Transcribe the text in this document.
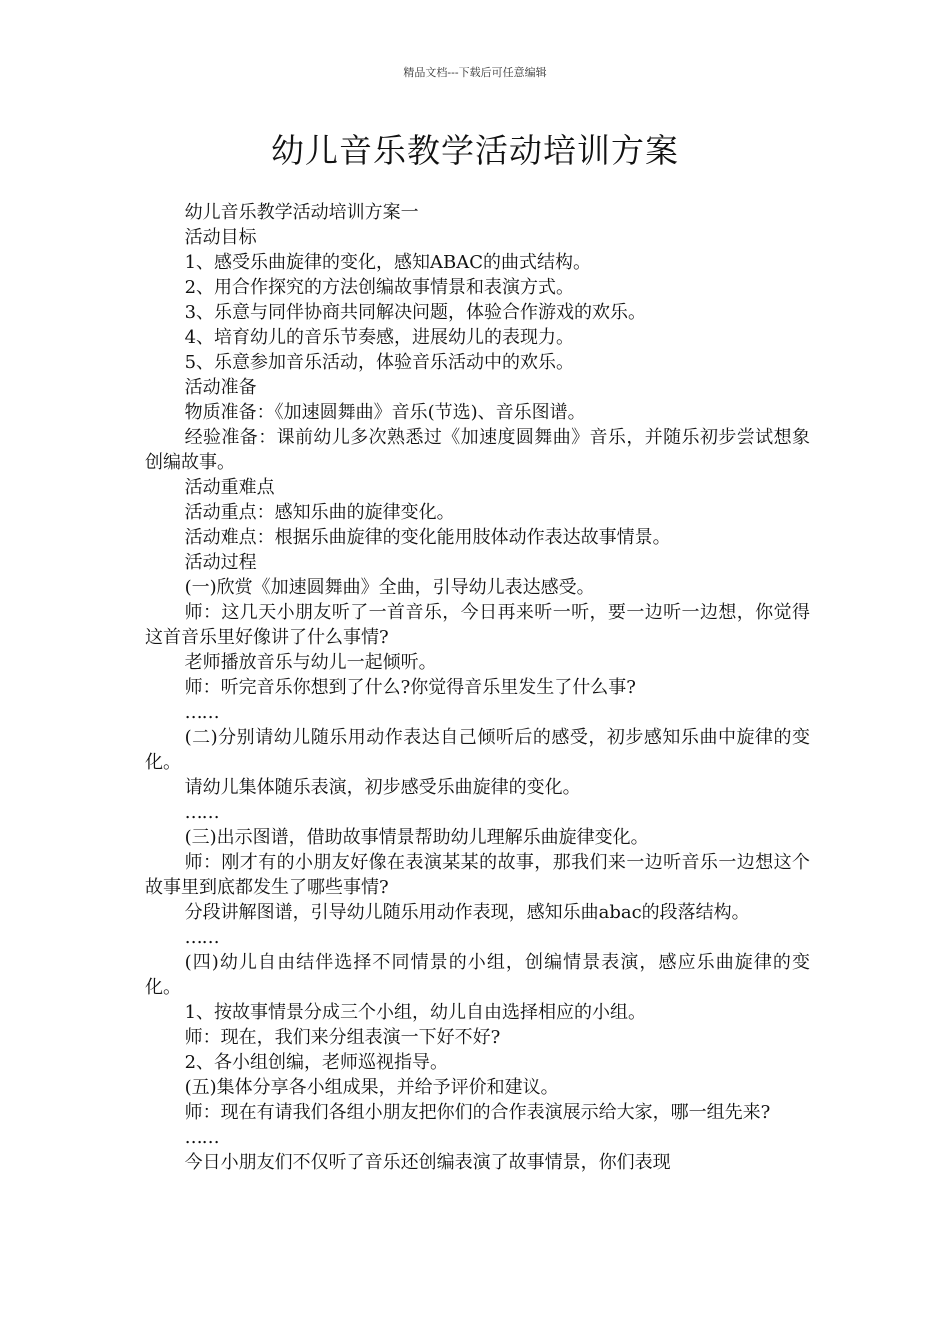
精品文档---下载后可任意编辑
幼儿音乐教学活动培训方案

幼儿音乐教学活动培训方案一

活动目标

1、感受乐曲旋律的变化，感知ABAC的曲式结构。

2、用合作探究的方法创编故事情景和表演方式。

3、乐意与同伴协商共同解决问题，体验合作游戏的欢乐。

4、培育幼儿的音乐节奏感，进展幼儿的表现力。

5、乐意参加音乐活动，体验音乐活动中的欢乐。

活动准备

物质准备：《加速圆舞曲》音乐(节选)、音乐图谱。

经验准备：课前幼儿多次熟悉过《加速度圆舞曲》音乐，并随乐初步尝试想象创编故事。

活动重难点

活动重点：感知乐曲的旋律变化。

活动难点：根据乐曲旋律的变化能用肢体动作表达故事情景。

活动过程

(一)欣赏《加速圆舞曲》全曲，引导幼儿表达感受。

师：这几天小朋友听了一首音乐，今日再来听一听，要一边听一边想，你觉得这首音乐里好像讲了什么事情?

老师播放音乐与幼儿一起倾听。

师：听完音乐你想到了什么?你觉得音乐里发生了什么事?

……

(二)分别请幼儿随乐用动作表达自己倾听后的感受，初步感知乐曲中旋律的变化。

请幼儿集体随乐表演，初步感受乐曲旋律的变化。

……

(三)出示图谱，借助故事情景帮助幼儿理解乐曲旋律变化。

师：刚才有的小朋友好像在表演某某的故事，那我们来一边听音乐一边想这个故事里到底都发生了哪些事情?

分段讲解图谱，引导幼儿随乐用动作表现，感知乐曲abac的段落结构。

……

(四)幼儿自由结伴选择不同情景的小组，创编情景表演，感应乐曲旋律的变化。

1、按故事情景分成三个小组，幼儿自由选择相应的小组。

师：现在，我们来分组表演一下好不好?

2、各小组创编，老师巡视指导。

(五)集体分享各小组成果，并给予评价和建议。

师：现在有请我们各组小朋友把你们的合作表演展示给大家，哪一组先来?

……

今日小朋友们不仅听了音乐还创编表演了故事情景，你们表现
